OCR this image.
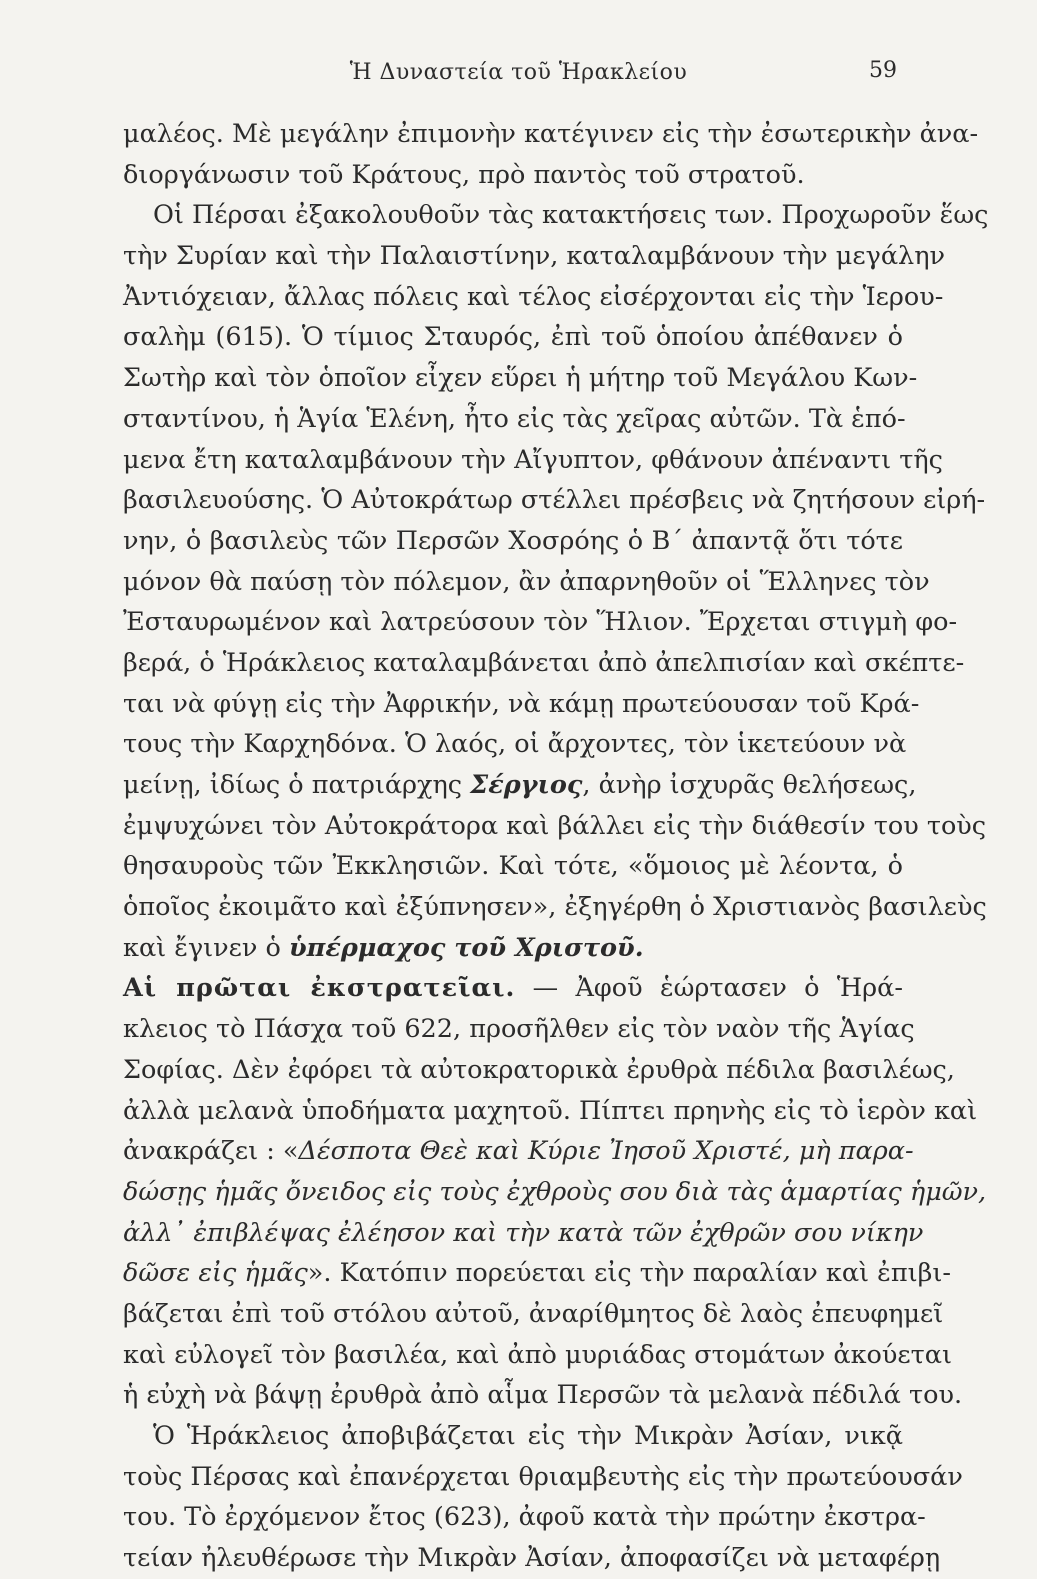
Ἡ Δυναστεία τοῦ Ἡρακλείου	59
μαλέος. Μὲ μεγάλην ἐπιμονὴν κατέγινεν εἰς τὴν ἐσωτερικὴν ἀνα-
διοργάνωσιν τοῦ Κράτους, πρὸ παντὸς τοῦ στρατοῦ.
Οἱ Πέρσαι ἐξακολουθοῦν τὰς κατακτήσεις των. Προχωροῦν ἕως
τὴν Συρίαν καὶ τὴν Παλαιστίνην, καταλαμβάνουν τὴν μεγάλην
Ἀντιόχειαν, ἄλλας πόλεις καὶ τέλος εἰσέρχονται εἰς τὴν Ἱερου-
σαλὴμ (615). Ὁ τίμιος Σταυρός, ἐπὶ τοῦ ὁποίου ἀπέθανεν ὁ
Σωτὴρ καὶ τὸν ὁποῖον εἶχεν εὕρει ἡ μήτηρ τοῦ Μεγάλου Κων-
σταντίνου, ἡ Ἁγία Ἑλένη, ἦτο εἰς τὰς χεῖρας αὐτῶν. Τὰ ἑπό-
μενα ἔτη καταλαμβάνουν τὴν Αἴγυπτον, φθάνουν ἀπέναντι τῆς
βασιλευούσης. Ὁ Αὐτοκράτωρ στέλλει πρέσβεις νὰ ζητήσουν εἰρή-
νην, ὁ βασιλεὺς τῶν Περσῶν Χοσρόης ὁ Β΄ ἀπαντᾷ ὅτι τότε
μόνον θὰ παύσῃ τὸν πόλεμον, ἂν ἀπαρνηθοῦν οἱ Ἕλληνες τὸν
Ἐσταυρωμένον καὶ λατρεύσουν τὸν Ἥλιον. Ἔρχεται στιγμὴ φο-
βερά, ὁ Ἡράκλειος καταλαμβάνεται ἀπὸ ἀπελπισίαν καὶ σκέπτε-
ται νὰ φύγῃ εἰς τὴν Ἀφρικήν, νὰ κάμῃ πρωτεύουσαν τοῦ Κρά-
τους τὴν Καρχηδόνα. Ὁ λαός, οἱ ἄρχοντες, τὸν ἱκετεύουν νὰ
μείνῃ, ἰδίως ὁ πατριάρχης Σέργιος, ἀνὴρ ἰσχυρᾶς θελήσεως,
ἐμψυχώνει τὸν Αὐτοκράτορα καὶ βάλλει εἰς τὴν διάθεσίν του τοὺς
θησαυροὺς τῶν Ἐκκλησιῶν. Καὶ τότε, «ὅμοιος μὲ λέοντα, ὁ
ὁποῖος ἐκοιμᾶτο καὶ ἐξύπνησεν», ἐξηγέρθη ὁ Χριστιανὸς βασιλεὺς
καὶ ἔγινεν ὁ ὑπέρμαχος τοῦ Χριστοῦ.
Αἱ πρῶται ἐκστρατεῖαι. — Ἀφοῦ ἑώρτασεν ὁ Ἡρά-
κλειος τὸ Πάσχα τοῦ 622, προσῆλθεν εἰς τὸν ναὸν τῆς Ἁγίας
Σοφίας. Δὲν ἐφόρει τὰ αὐτοκρατορικὰ ἐρυθρὰ πέδιλα βασιλέως,
ἀλλὰ μελανὰ ὑποδήματα μαχητοῦ. Πίπτει πρηνὴς εἰς τὸ ἱερὸν καὶ
ἀνακράζει : «Δέσποτα Θεὲ καὶ Κύριε Ἰησοῦ Χριστέ, μὴ παρα-
δώσῃς ἡμᾶς ὄνειδος εἰς τοὺς ἐχθροὺς σου διὰ τὰς ἁμαρτίας ἡμῶν,
ἀλλ᾽ ἐπιβλέψας ἐλέησον καὶ τὴν κατὰ τῶν ἐχθρῶν σου νίκην
δῶσε εἰς ἡμᾶς». Κατόπιν πορεύεται εἰς τὴν παραλίαν καὶ ἐπιβι-
βάζεται ἐπὶ τοῦ στόλου αὐτοῦ, ἀναρίθμητος δὲ λαὸς ἐπευφημεῖ
καὶ εὐλογεῖ τὸν βασιλέα, καὶ ἀπὸ μυριάδας στομάτων ἀκούεται
ἡ εὐχὴ νὰ βάψῃ ἐρυθρὰ ἀπὸ αἷμα Περσῶν τὰ μελανὰ πέδιλά του.
Ὁ Ἡράκλειος ἀποβιβάζεται εἰς τὴν Μικρὰν Ἀσίαν, νικᾷ
τοὺς Πέρσας καὶ ἐπανέρχεται θριαμβευτὴς εἰς τὴν πρωτεύουσάν
του. Τὸ ἐρχόμενον ἔτος (623), ἀφοῦ κατὰ τὴν πρώτην ἐκστρα-
τείαν ἠλευθέρωσε τὴν Μικρὰν Ἀσίαν, ἀποφασίζει νὰ μεταφέρῃ
